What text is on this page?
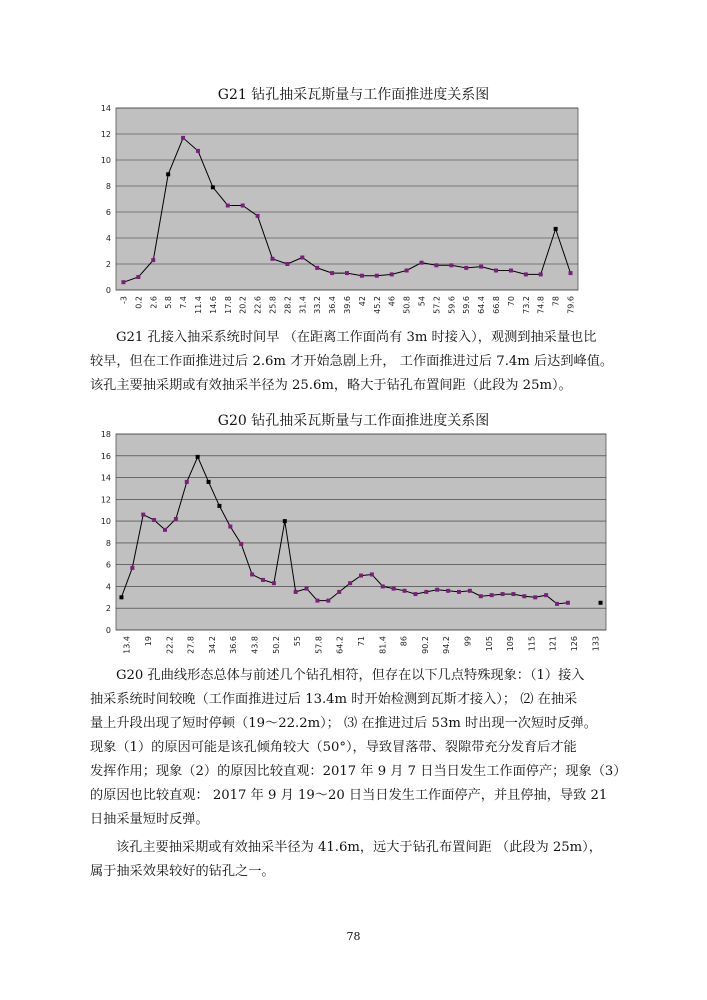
G21 钻孔抽采瓦斯量与工作面推进度关系图
0
2
4
6
8
10
12
14
-3 0.2 2.6 5.8 7.4 11.4 14.6 17.8 20.2 22.6 25.8 28.2 31.4 33.2 36.4 39.6 42 45.2 46 50.8 54 57.2 59.6 59.6 64.4 66.8 70 73.2 74.8 78 79.6

G21 孔接入抽采系统时间早 （在距离工作面尚有 3m 时接入），观测到抽采量也比

较早，但在工作面推进过后 2.6m 才开始急剧上升， 工作面推进过后 7.4m 后达到峰值。

该孔主要抽采期或有效抽采半径为 25.6m，略大于钻孔布置间距（此段为 25m）。

G20 钻孔抽采瓦斯量与工作面推进度关系图
0
2
4
6
8
10
12
14
16
18
13.4 19 22.2 27.8 34.2 36.6 43.8 50.2 55 57.8 64.2 71 81.4 86 90.2 94.2 99 105 109 115 121 126 133

G20 孔曲线形态总体与前述几个钻孔相符，但存在以下几点特殊现象：（1）接入

抽采系统时间较晚（工作面推进过后 13.4m 时开始检测到瓦斯才接入）； ⑵ 在抽采

量上升段出现了短时停顿（19～22.2m）； ⑶ 在推进过后 53m 时出现一次短时反弹。

现象（1）的原因可能是该孔倾角较大（50°），导致冒落带、裂隙带充分发育后才能

发挥作用；现象（2）的原因比较直观：2017 年 9 月 7 日当日发生工作面停产；现象（3）

的原因也比较直观： 2017 年 9 月 19～20 日当日发生工作面停产，并且停抽，导致 21

日抽采量短时反弹。

该孔主要抽采期或有效抽采半径为 41.6m，远大于钻孔布置间距 （此段为 25m），

属于抽采效果较好的钻孔之一。

78
